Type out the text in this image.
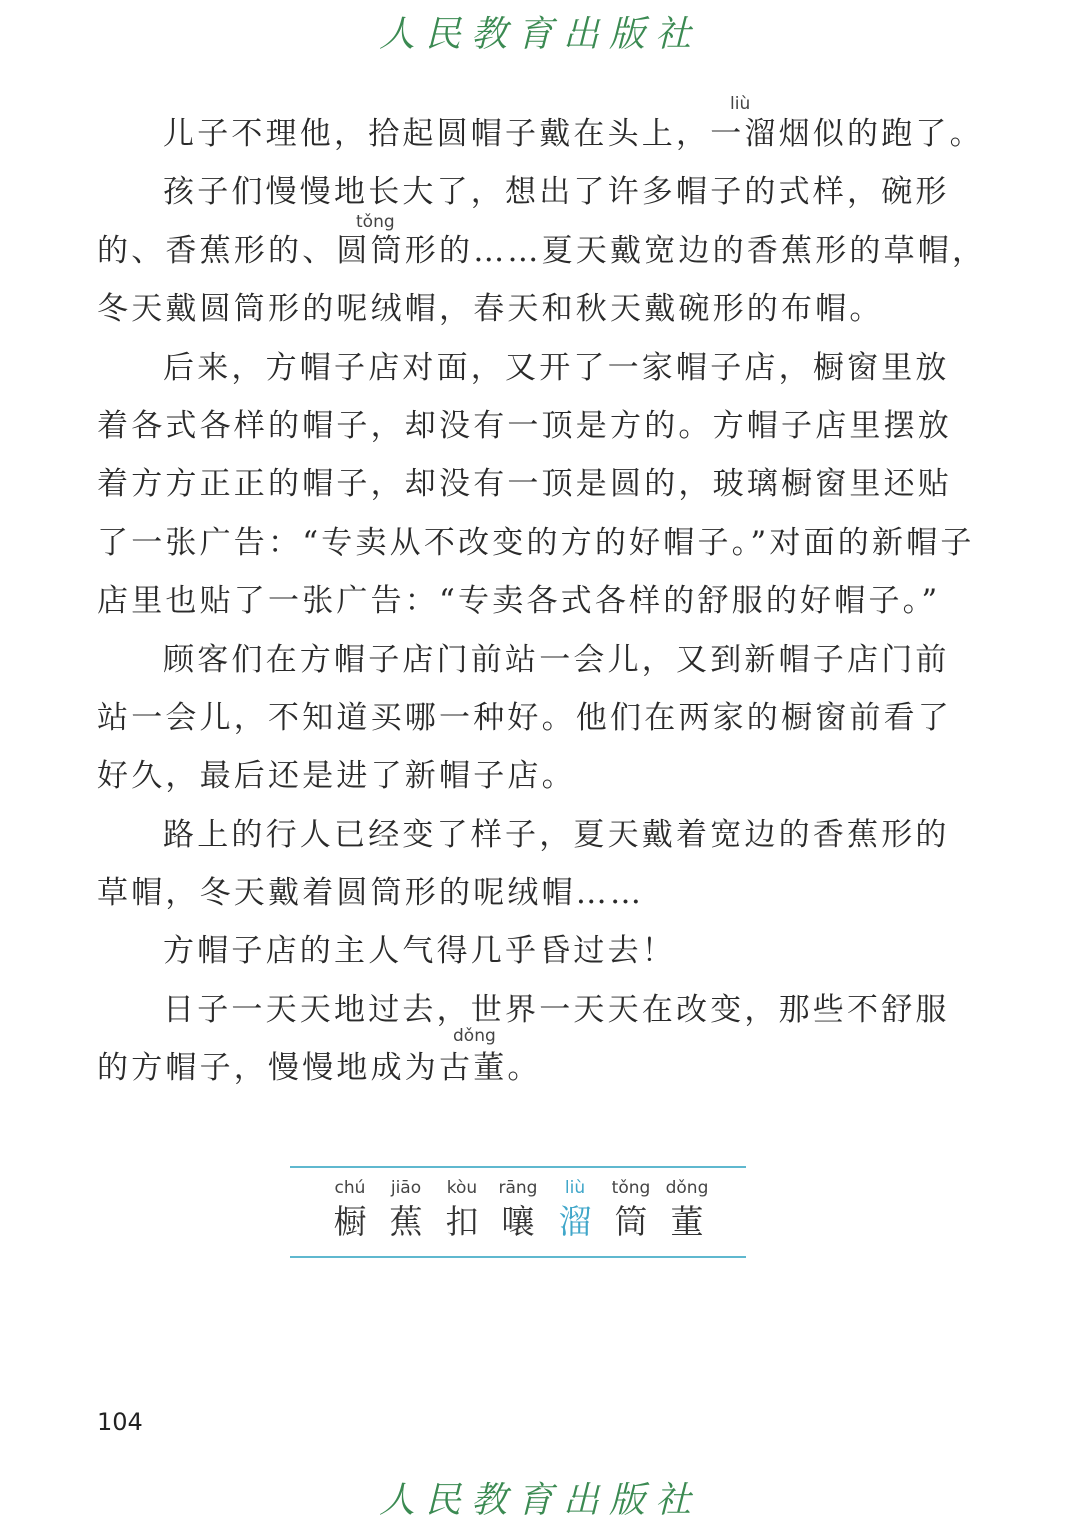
人民教育出版社
儿子不理他，拾起圆帽子戴在头上，一溜烟似的跑了。
liù
孩子们慢慢地长大了，想出了许多帽子的式样，碗形
的、香蕉形的、圆筒形的……夏天戴宽边的香蕉形的草帽，
tǒng
冬天戴圆筒形的呢绒帽，春天和秋天戴碗形的布帽。
后来，方帽子店对面，又开了一家帽子店，橱窗里放
着各式各样的帽子，却没有一顶是方的。方帽子店里摆放
着方方正正的帽子，却没有一顶是圆的，玻璃橱窗里还贴
了一张广告：“专卖从不改变的方的好帽子。”对面的新帽子
店里也贴了一张广告：“专卖各式各样的舒服的好帽子。”
顾客们在方帽子店门前站一会儿，又到新帽子店门前
站一会儿，不知道买哪一种好。他们在两家的橱窗前看了
好久，最后还是进了新帽子店。
路上的行人已经变了样子，夏天戴着宽边的香蕉形的
草帽，冬天戴着圆筒形的呢绒帽……
方帽子店的主人气得几乎昏过去！
日子一天天地过去，世界一天天在改变，那些不舒服
dǒng
的方帽子，慢慢地成为古董。
chú
橱
jiāo
蕉
kòu
扣
rāng
嚷
liù
溜
tǒng
筒
dǒng
董
104
人民教育出版社
